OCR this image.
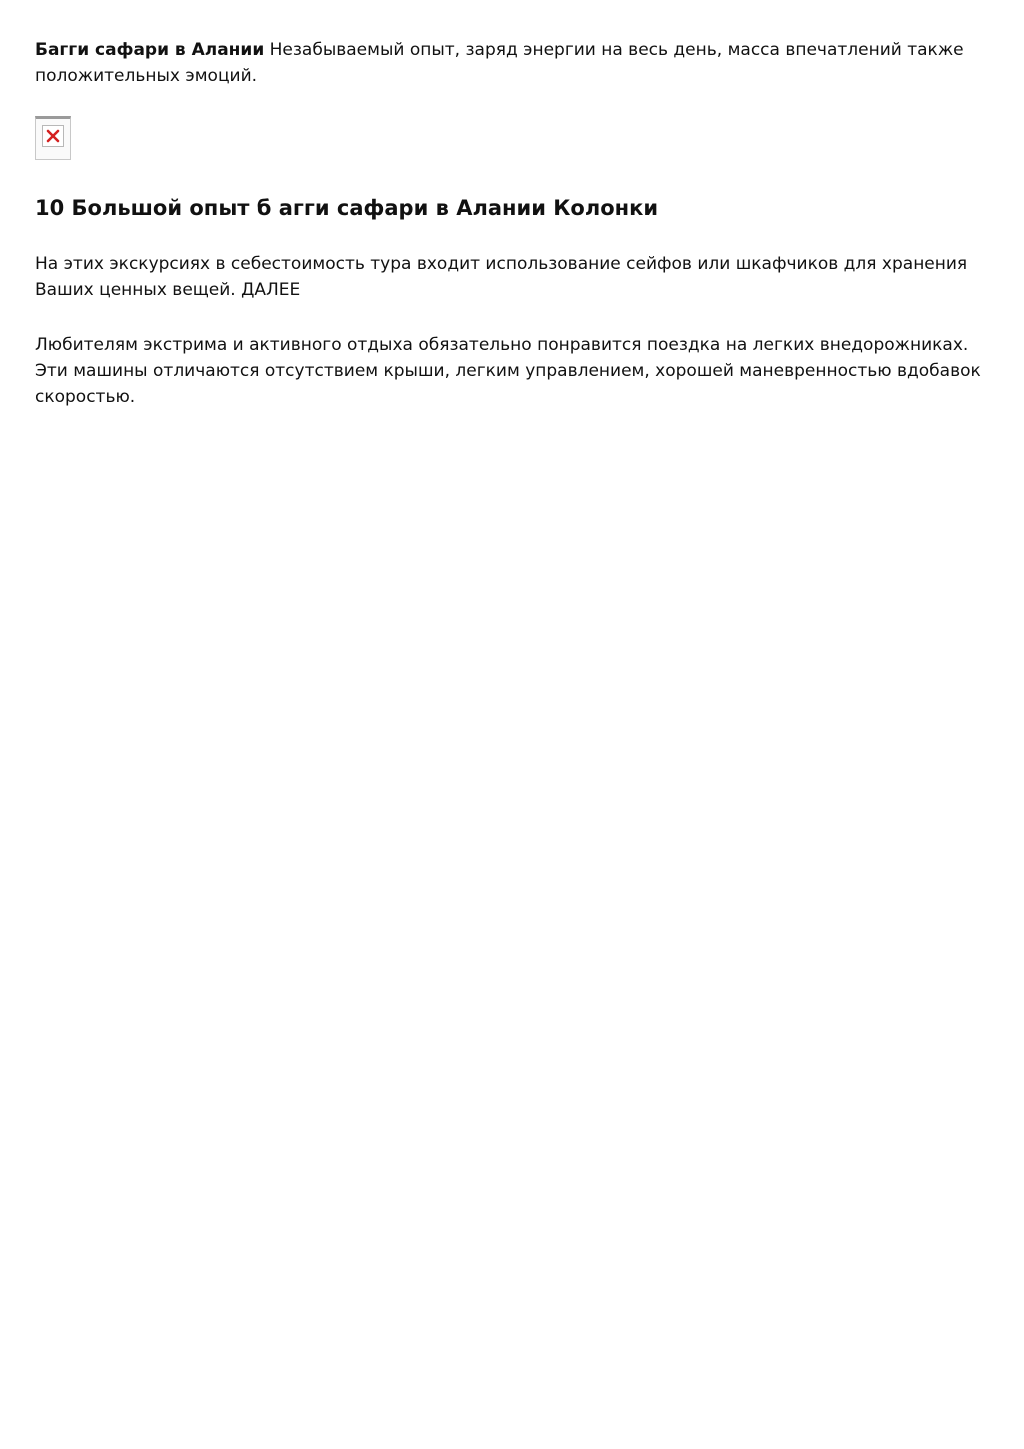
Багги сафари в Алании Незабываемый опыт, заряд энергии на весь день, масса впечатлений также положительных эмоций.

10 Большой опыт б агги сафари в Алании Колонки

На этих экскурсиях в себестоимость тура входит использование сейфов или шкафчиков для хранения Ваших ценных вещей. ДАЛЕЕ

Любителям экстрима и активного отдыха обязательно понравится поездка на легких внедорожниках.
Эти машины отличаются отсутствием крыши, легким управлением, хорошей маневренностью вдобавок скоростью.
